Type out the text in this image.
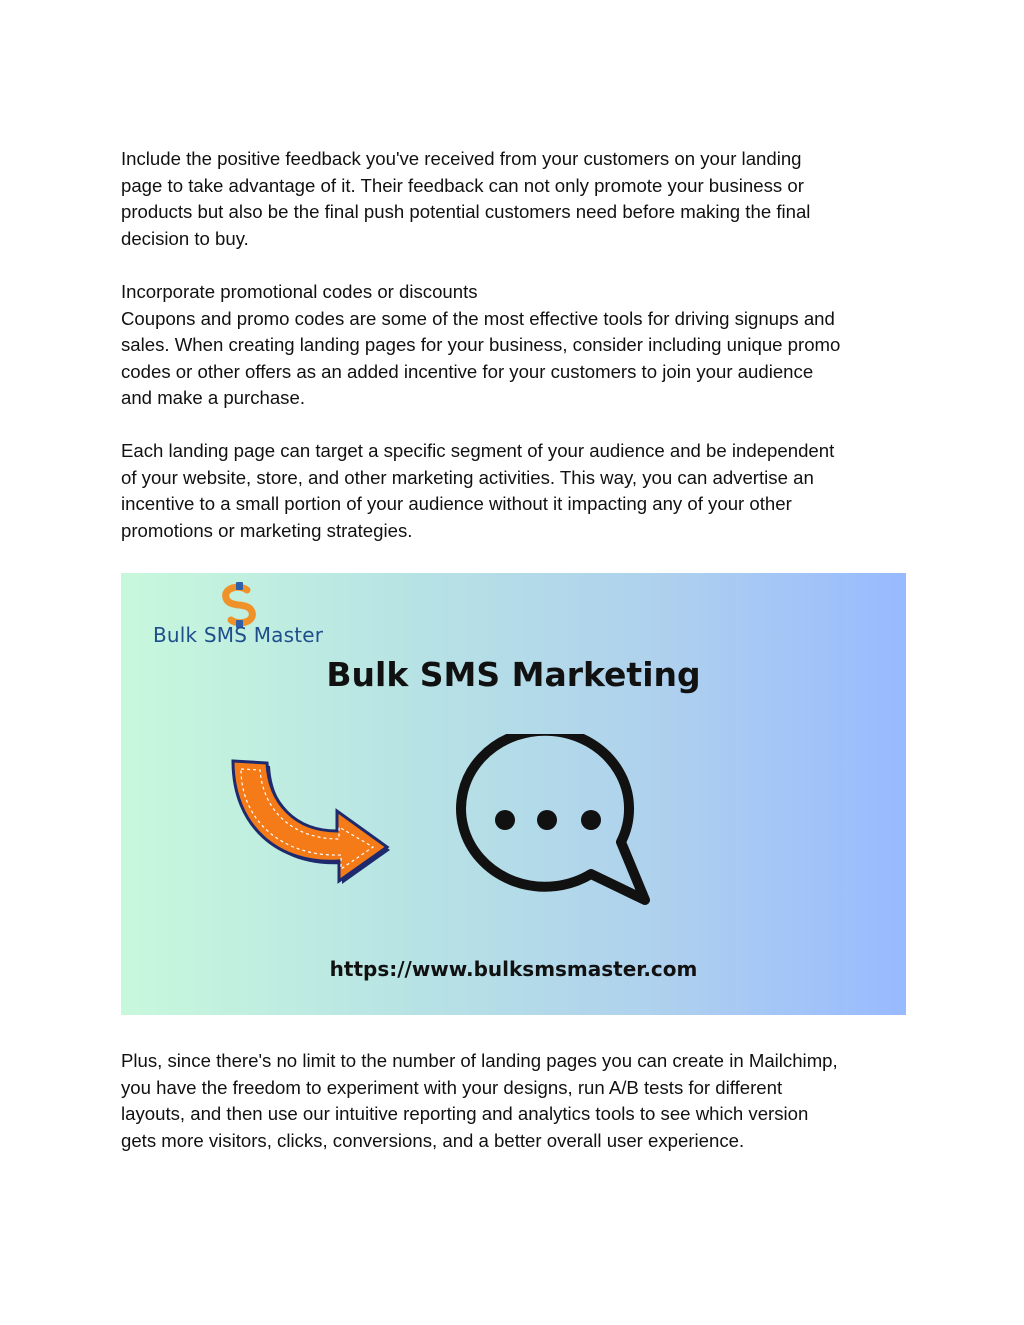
Include the positive feedback you've received from your customers on your landing
page to take advantage of it. Their feedback can not only promote your business or
products but also be the final push potential customers need before making the final
decision to buy.

Incorporate promotional codes or discounts
Coupons and promo codes are some of the most effective tools for driving signups and
sales. When creating landing pages for your business, consider including unique promo
codes or other offers as an added incentive for your customers to join your audience
and make a purchase.

Each landing page can target a specific segment of your audience and be independent
of your website, store, and other marketing activities. This way, you can advertise an
incentive to a small portion of your audience without it impacting any of your other
promotions or marketing strategies.

Bulk SMS Master
Bulk SMS Marketing
https://www.bulksmsmaster.com

Plus, since there's no limit to the number of landing pages you can create in Mailchimp,
you have the freedom to experiment with your designs, run A/B tests for different
layouts, and then use our intuitive reporting and analytics tools to see which version
gets more visitors, clicks, conversions, and a better overall user experience.
